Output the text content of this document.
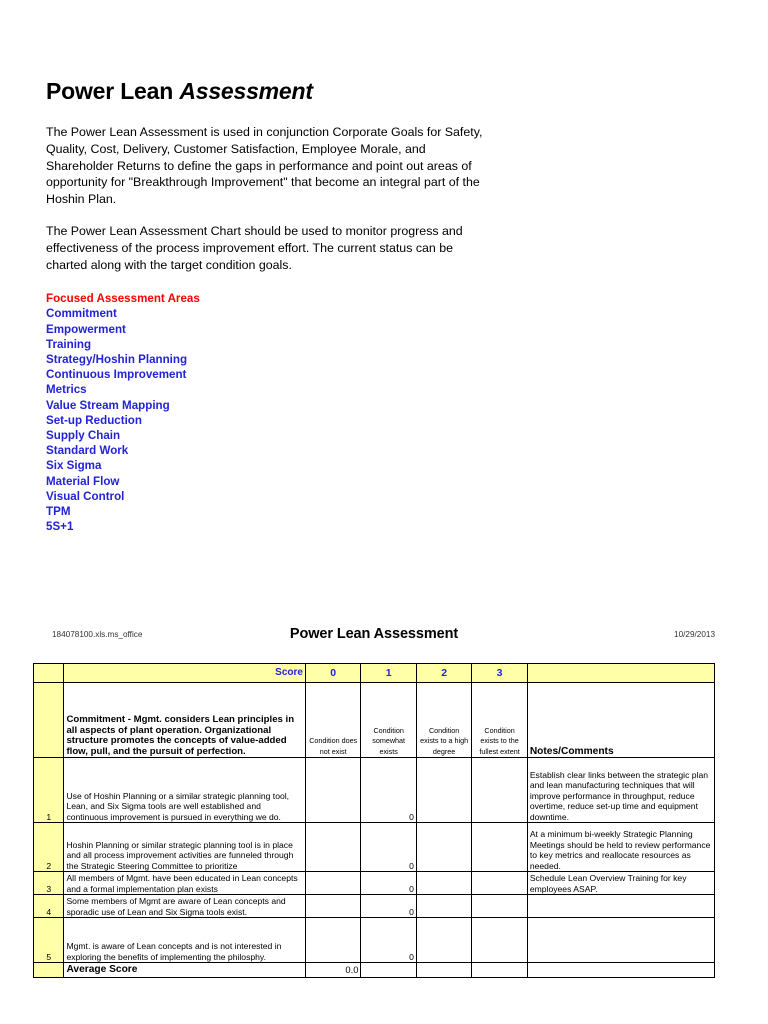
Power Lean Assessment

The Power Lean Assessment is used in conjunction Corporate Goals for Safety, Quality, Cost, Delivery, Customer Satisfaction, Employee Morale, and Shareholder Returns to define the gaps in performance and point out areas of opportunity for "Breakthrough Improvement" that become an integral part of the Hoshin Plan.

The Power Lean Assessment Chart should be used to monitor progress and effectiveness of the process improvement effort. The current status can be charted along with the target condition goals.

Focused Assessment Areas

Commitment
Empowerment
Training
Strategy/Hoshin Planning
Continuous Improvement
Metrics
Value Stream Mapping
Set-up Reduction
Supply Chain
Standard Work
Six Sigma
Material Flow
Visual Control
TPM
5S+1
184078100.xls.ms_office	Power Lean Assessment	10/29/2013
	Score	0	1	2	3	
	Commitment - Mgmt. considers Lean principles in all aspects of plant operation. Organizational structure promotes the concepts of value-added flow, pull, and the pursuit of perfection.	Condition does not exist	Condition somewhat exists	Condition exists to a high degree	Condition exists to the fullest extent	Notes/Comments
1	Use of Hoshin Planning or a similar strategic planning tool, Lean, and Six Sigma tools are well established and continuous improvement is pursued in everything we do.		0			Establish clear links between the strategic plan and lean manufacturing techniques that will improve performance in throughput, reduce overtime, reduce set-up time and equipment downtime.
2	Hoshin Planning or similar strategic planning tool is in place and all process improvement activities are funneled through the Strategic Steering Committee to prioritize		0			At a minimum bi-weekly Strategic Planning Meetings should be held to review performance to key metrics and reallocate resources as needed.
3	All members of Mgmt. have been educated in Lean concepts and a formal implementation plan exists		0			Schedule Lean Overview Training for key employees ASAP.
4	Some members of Mgmt are aware of Lean concepts and sporadic use of Lean and Six Sigma tools exist.		0			
5	Mgmt. is aware of Lean concepts and is not interested in exploring the benefits of implementing the philosphy.		0			
	Average Score	0.0				
